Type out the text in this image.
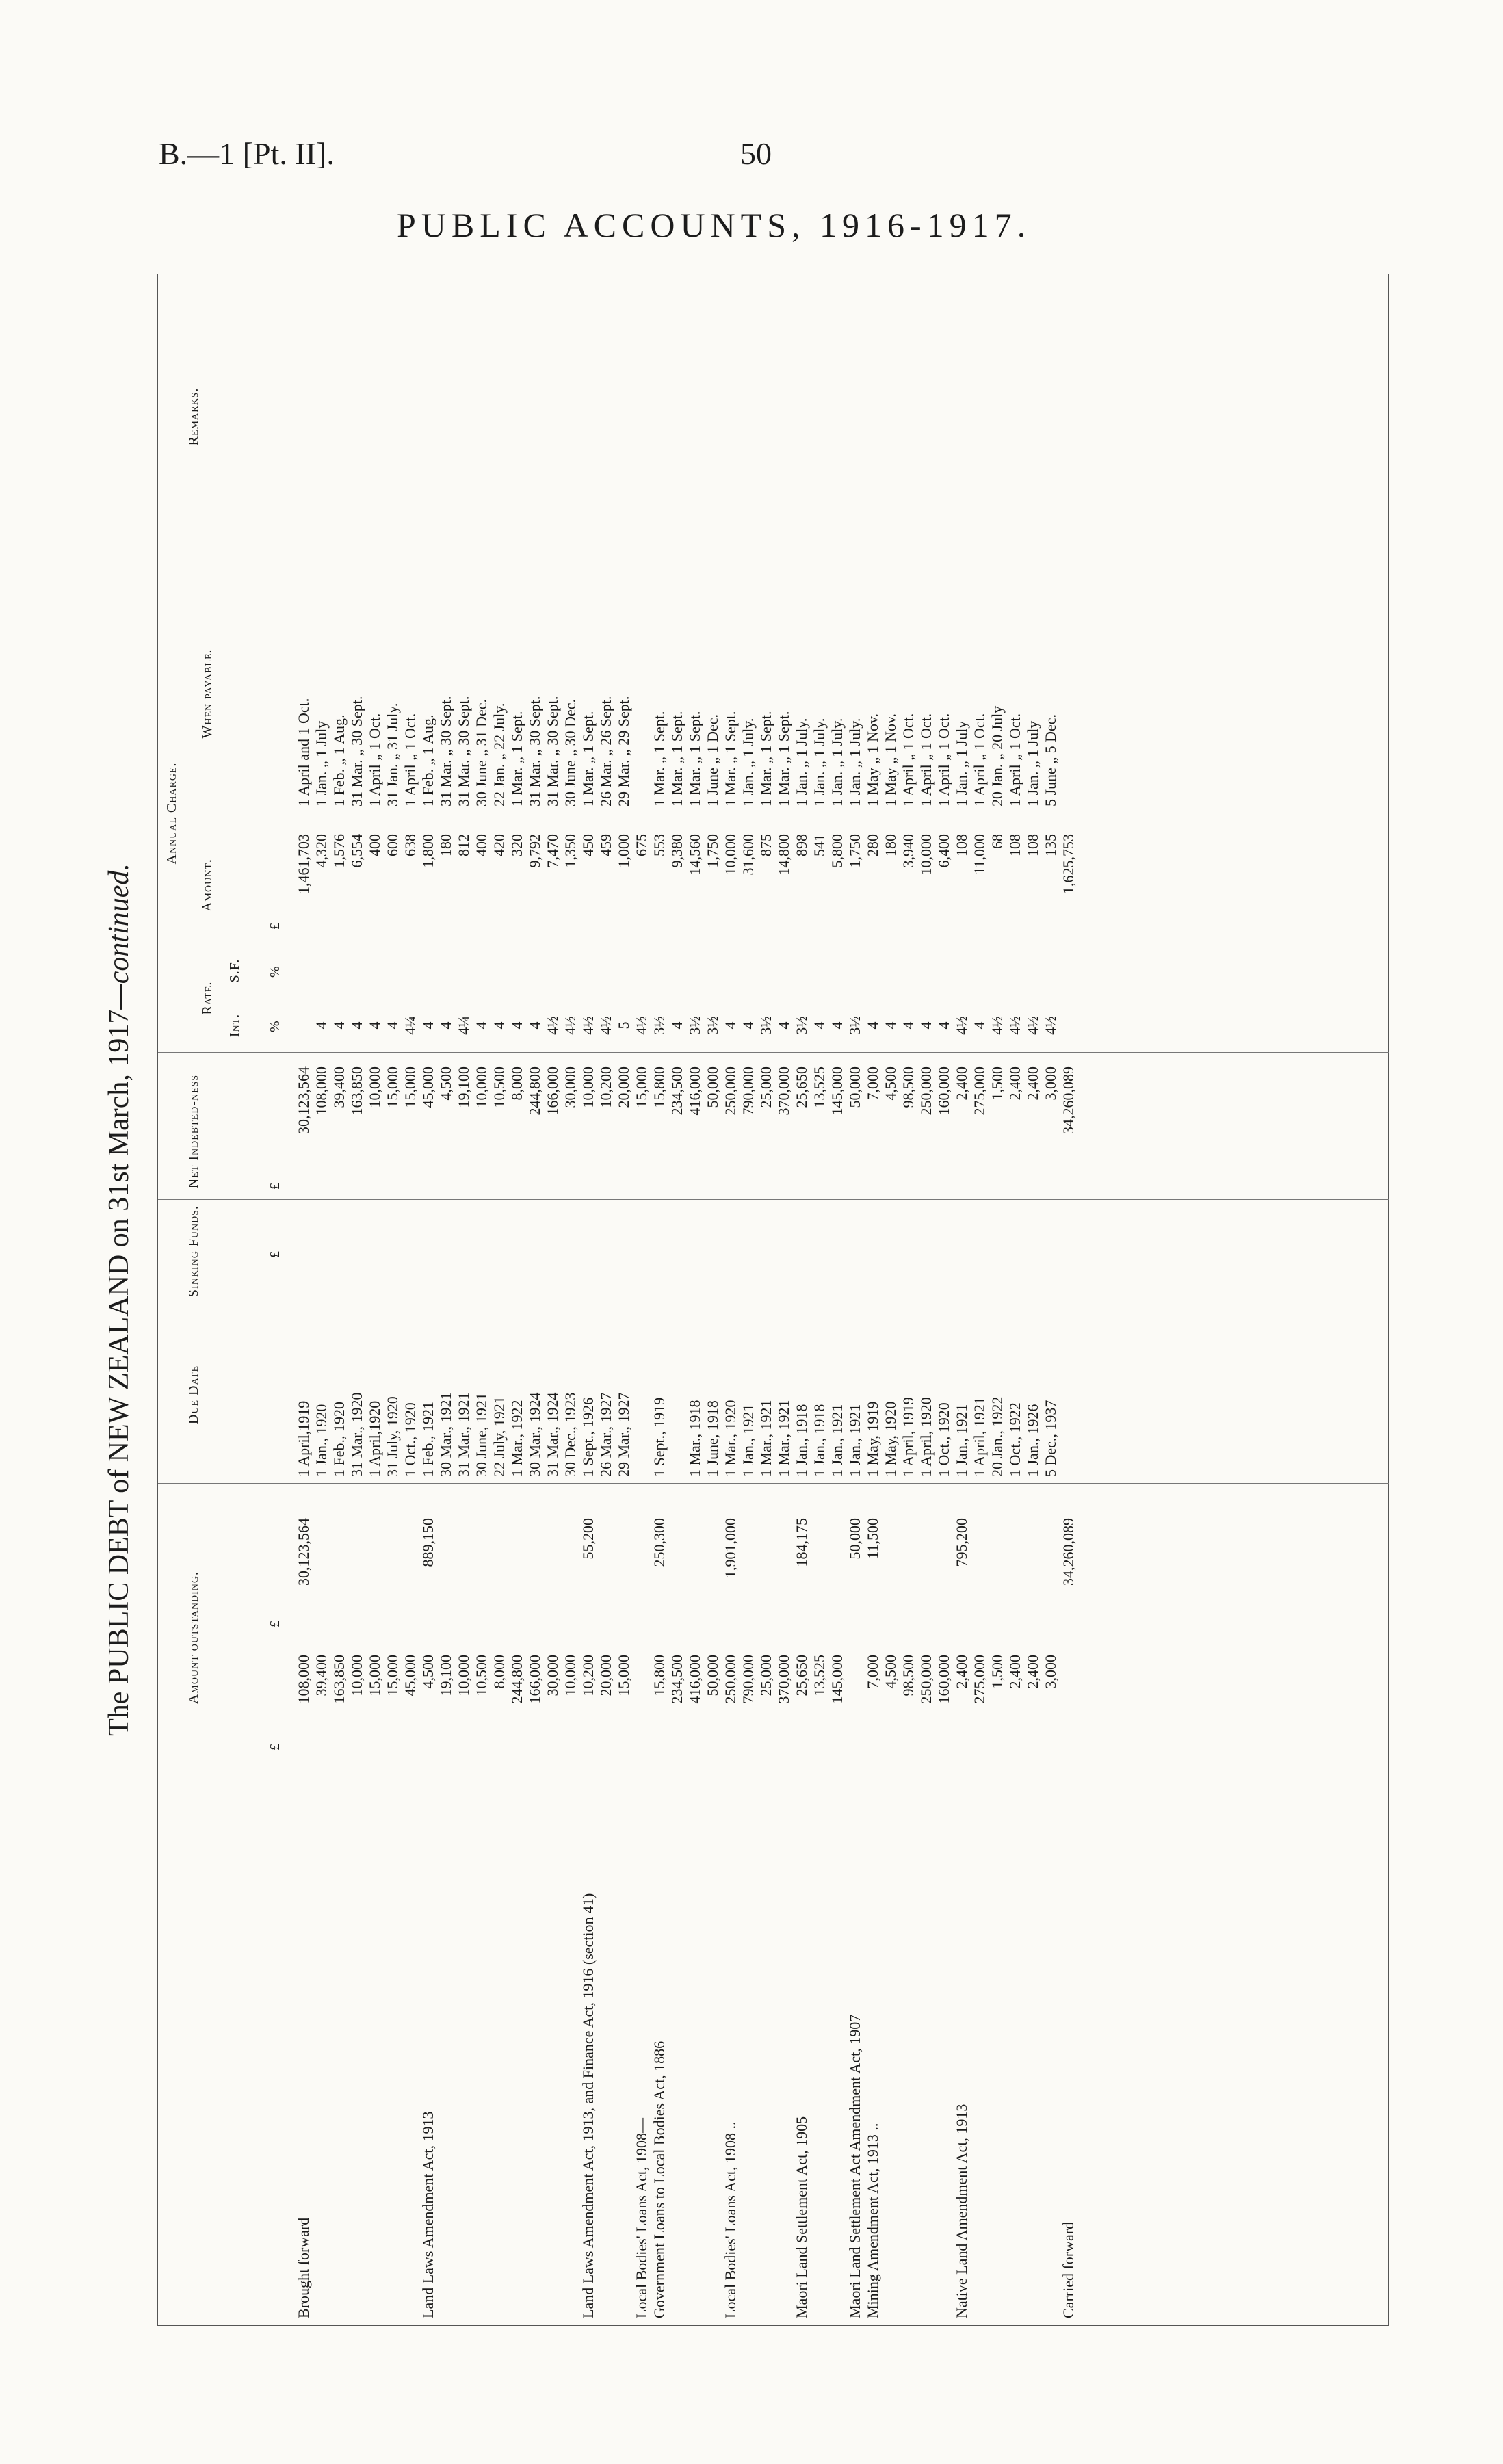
B.—1 [Pt. II].	50
PUBLIC ACCOUNTS, 1916-1917.
The PUBLIC DEBT of NEW ZEALAND on 31st March, 1917—continued.
Amount outstanding.
Due Date
Sinking Funds.
Net Indebted-ness
Annual Charge.
Rate.
Int.
S.F.
Amount.
When payable.
Remarks.
£
£
£
£
%
%
£
Brought forward
108,000
30,123,564
1 April,1919
30,123,564
1,461,703
1 April and 1 Oct.
39,400
1 Jan., 1920
108,000
4
4,320
1 Jan. „ 1 July
163,850
1 Feb., 1920
39,400
4
1,576
1 Feb. „ 1 Aug.
10,000
31 Mar., 1920
163,850
4
6,554
31 Mar. „ 30 Sept.
15,000
1 April,1920
10,000
4
400
1 April „ 1 Oct.
15,000
31 July, 1920
15,000
4
600
31 Jan. „ 31 July.
45,000
1 Oct., 1920
15,000
4¼
638
1 April „ 1 Oct.
Land Laws Amendment Act, 1913
4,500
889,150
1 Feb., 1921
45,000
4
1,800
1 Feb. „ 1 Aug.
19,100
30 Mar., 1921
4,500
4
180
31 Mar. „ 30 Sept.
10,000
31 Mar., 1921
19,100
4¼
812
31 Mar. „ 30 Sept.
10,500
30 June, 1921
10,000
4
400
30 June „ 31 Dec.
8,000
22 July, 1921
10,500
4
420
22 Jan. „ 22 July.
244,800
1 Mar., 1922
8,000
4
320
1 Mar. „ 1 Sept.
166,000
30 Mar., 1924
244,800
4
9,792
31 Mar. „ 30 Sept.
30,000
31 Mar., 1924
166,000
4½
7,470
31 Mar. „ 30 Sept.
10,000
30 Dec., 1923
30,000
4½
1,350
30 June „ 30 Dec.
Land Laws Amendment Act, 1913, and Finance Act, 1916 (section 41)
10,200
55,200
1 Sept., 1926
10,000
4½
450
1 Mar. „ 1 Sept.
20,000
26 Mar., 1927
10,200
4½
459
26 Mar. „ 26 Sept.
15,000
29 Mar., 1927
20,000
5
1,000
29 Mar. „ 29 Sept.
Local Bodies' Loans Act, 1908—
15,000
4½
675
Government Loans to Local Bodies Act, 1886
15,800
250,300
1 Sept., 1919
15,800
3½
553
1 Mar. „ 1 Sept.
234,500
234,500
4
9,380
1 Mar. „ 1 Sept.
416,000
1 Mar., 1918
416,000
3½
14,560
1 Mar. „ 1 Sept.
50,000
1 June, 1918
50,000
3½
1,750
1 June „ 1 Dec.
Local Bodies' Loans Act, 1908 ..
250,000
1,901,000
1 Mar., 1920
250,000
4
10,000
1 Mar. „ 1 Sept.
790,000
1 Jan., 1921
790,000
4
31,600
1 Jan. „ 1 July.
25,000
1 Mar., 1921
25,000
3½
875
1 Mar. „ 1 Sept.
370,000
1 Mar., 1921
370,000
4
14,800
1 Mar. „ 1 Sept.
Maori Land Settlement Act, 1905
25,650
184,175
1 Jan., 1918
25,650
3½
898
1 Jan. „ 1 July.
13,525
1 Jan., 1918
13,525
4
541
1 Jan. „ 1 July.
145,000
1 Jan., 1921
145,000
4
5,800
1 Jan. „ 1 July.
Maori Land Settlement Act Amendment Act, 1907
50,000
1 Jan., 1921
50,000
3½
1,750
1 Jan. „ 1 July.
Mining Amendment Act, 1913 ..
7,000
11,500
1 May, 1919
7,000
4
280
1 May „ 1 Nov.
4,500
1 May, 1920
4,500
4
180
1 May „ 1 Nov.
98,500
1 April, 1919
98,500
4
3,940
1 April „ 1 Oct.
250,000
1 April, 1920
250,000
4
10,000
1 April „ 1 Oct.
160,000
1 Oct., 1920
160,000
4
6,400
1 April „ 1 Oct.
Native Land Amendment Act, 1913
2,400
795,200
1 Jan., 1921
2,400
4½
108
1 Jan. „ 1 July
275,000
1 April, 1921
275,000
4
11,000
1 April „ 1 Oct.
1,500
20 Jan., 1922
1,500
4½
68
20 Jan. „ 20 July
2,400
1 Oct., 1922
2,400
4½
108
1 April „ 1 Oct.
2,400
1 Jan., 1926
2,400
4½
108
1 Jan. „ 1 July
3,000
5 Dec., 1937
3,000
4½
135
5 June „ 5 Dec.
Carried forward
34,260,089
34,260,089
1,625,753
